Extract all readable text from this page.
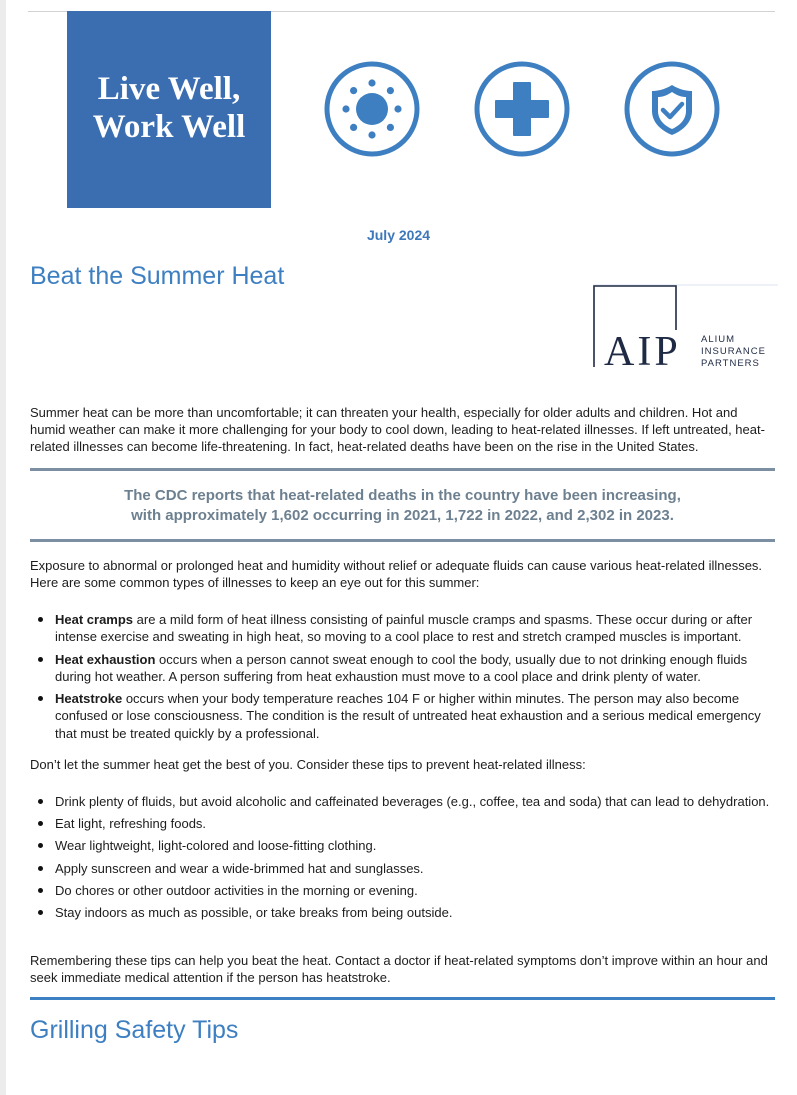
Live Well,
Work Well
July 2024
Beat the Summer Heat
AIP ALIUM
INSURANCE
PARTNERS
Summer heat can be more than uncomfortable; it can threaten your health, especially for older adults and children. Hot and humid weather can make it more challenging for your body to cool down, leading to heat-related illnesses. If left untreated, heat-related illnesses can become life-threatening. In fact, heat-related deaths have been on the rise in the United States.
The CDC reports that heat-related deaths in the country have been increasing,
with approximately 1,602 occurring in 2021, 1,722 in 2022, and 2,302 in 2023.
Exposure to abnormal or prolonged heat and humidity without relief or adequate fluids can cause various heat-related illnesses. Here are some common types of illnesses to keep an eye out for this summer:
Heat cramps are a mild form of heat illness consisting of painful muscle cramps and spasms. These occur during or after intense exercise and sweating in high heat, so moving to a cool place to rest and stretch cramped muscles is important.
Heat exhaustion occurs when a person cannot sweat enough to cool the body, usually due to not drinking enough fluids during hot weather. A person suffering from heat exhaustion must move to a cool place and drink plenty of water.
Heatstroke occurs when your body temperature reaches 104 F or higher within minutes. The person may also become confused or lose consciousness. The condition is the result of untreated heat exhaustion and a serious medical emergency that must be treated quickly by a professional.
Don’t let the summer heat get the best of you. Consider these tips to prevent heat-related illness:
Drink plenty of fluids, but avoid alcoholic and caffeinated beverages (e.g., coffee, tea and soda) that can lead to dehydration.
Eat light, refreshing foods.
Wear lightweight, light-colored and loose-fitting clothing.
Apply sunscreen and wear a wide-brimmed hat and sunglasses.
Do chores or other outdoor activities in the morning or evening.
Stay indoors as much as possible, or take breaks from being outside.
Remembering these tips can help you beat the heat. Contact a doctor if heat-related symptoms don’t improve within an hour and seek immediate medical attention if the person has heatstroke.
Grilling Safety Tips
